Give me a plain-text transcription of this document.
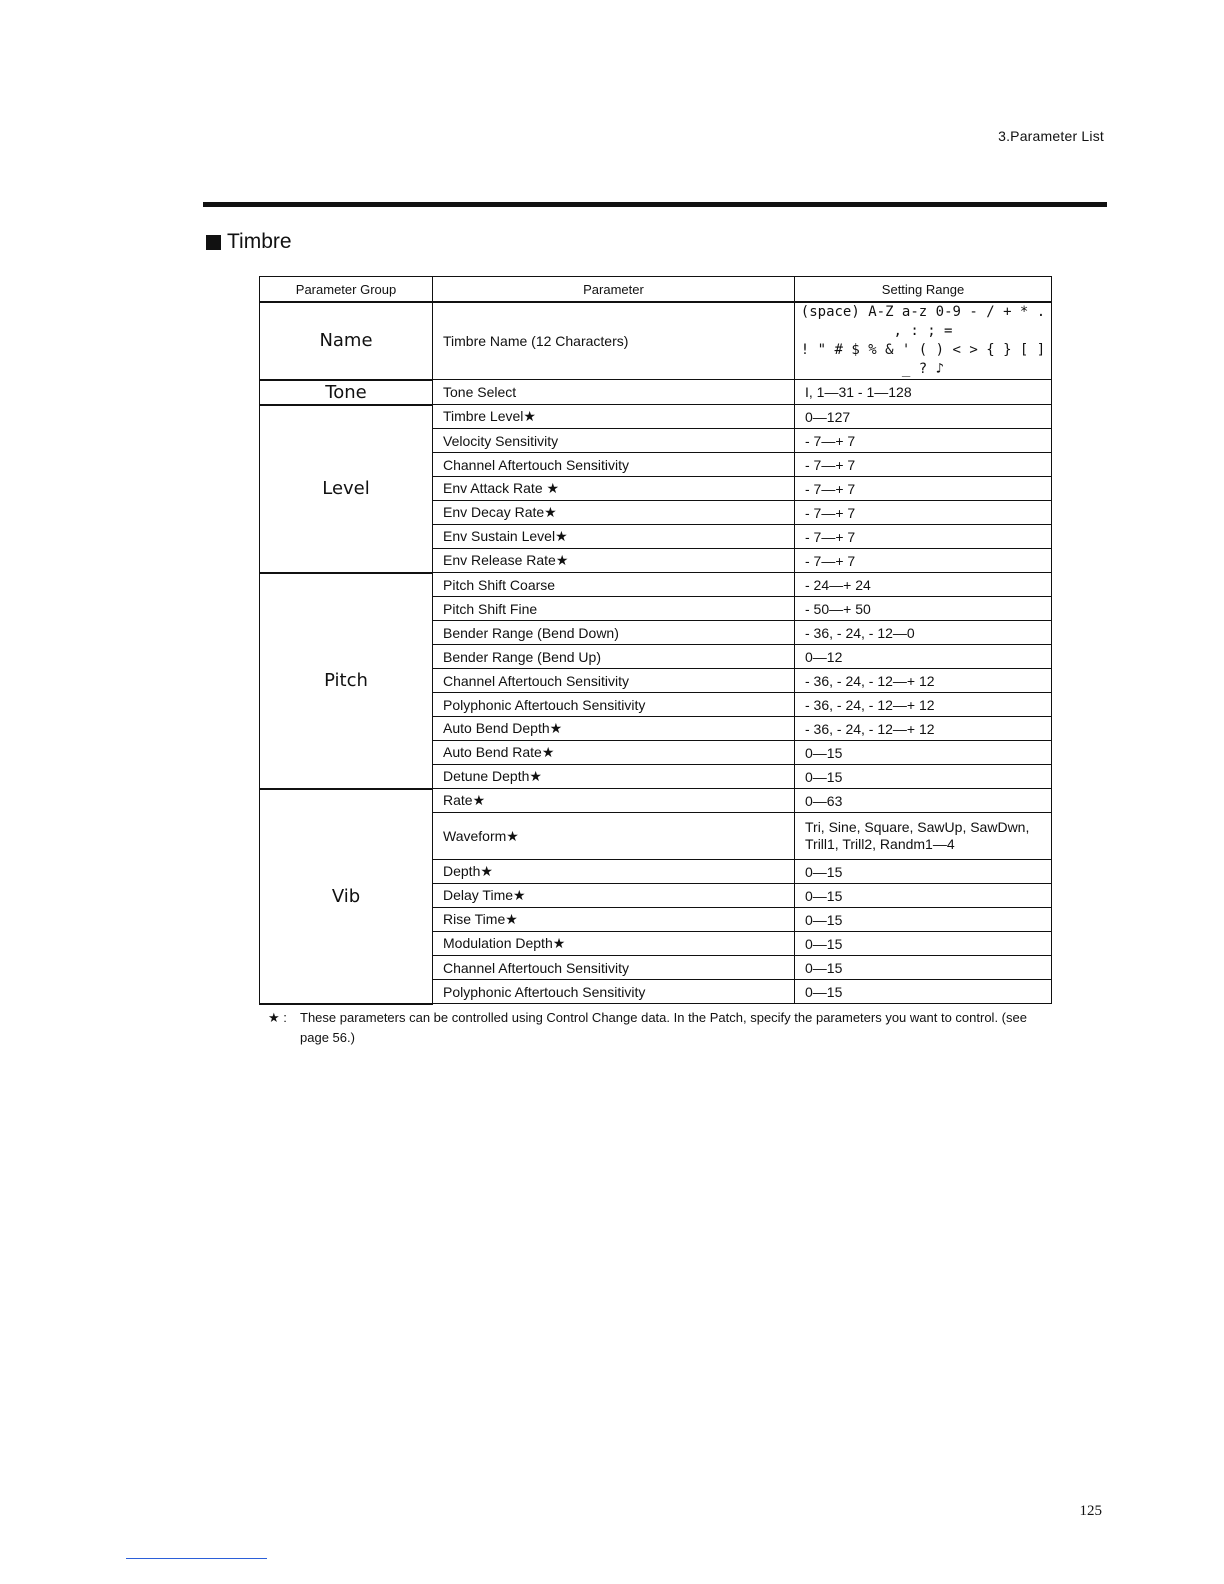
3.Parameter List
Timbre
Parameter Group	Parameter	Setting Range
Name	Timbre Name (12 Characters)	(space) A-Z a-z 0-9 - / + * . , : ; =
! " # $ % & ' ( ) < > { } [ ] _ ? ♪

Tone	Tone Select	I, 1—31 - 1—128
Level	Timbre Level★	0—127
	Velocity Sensitivity	- 7—+ 7
	Channel Aftertouch Sensitivity	- 7—+ 7
	Env Attack Rate ★	- 7—+ 7
	Env Decay Rate★	- 7—+ 7
	Env Sustain Level★	- 7—+ 7
	Env Release Rate★	- 7—+ 7
Pitch	Pitch Shift Coarse	- 24—+ 24
	Pitch Shift Fine	- 50—+ 50
	Bender Range (Bend Down)	- 36, - 24, - 12—0
	Bender Range (Bend Up)	0—12
	Channel Aftertouch Sensitivity	- 36, - 24, - 12—+ 12
	Polyphonic Aftertouch Sensitivity	- 36, - 24, - 12—+ 12
	Auto Bend Depth★	- 36, - 24, - 12—+ 12
	Auto Bend Rate★	0—15
	Detune Depth★	0—15
Vib	Rate★	0—63
	Waveform★	Tri, Sine, Square, SawUp, SawDwn, Trill1, Trill2, Randm1—4
	Depth★	0—15
	Delay Time★	0—15
	Rise Time★	0—15
	Modulation Depth★	0—15
	Channel Aftertouch Sensitivity	0—15
	Polyphonic Aftertouch Sensitivity	0—15
★ :	These parameters can be controlled using Control Change data. In the Patch, specify the parameters you want to control. (see page 56.)
125
